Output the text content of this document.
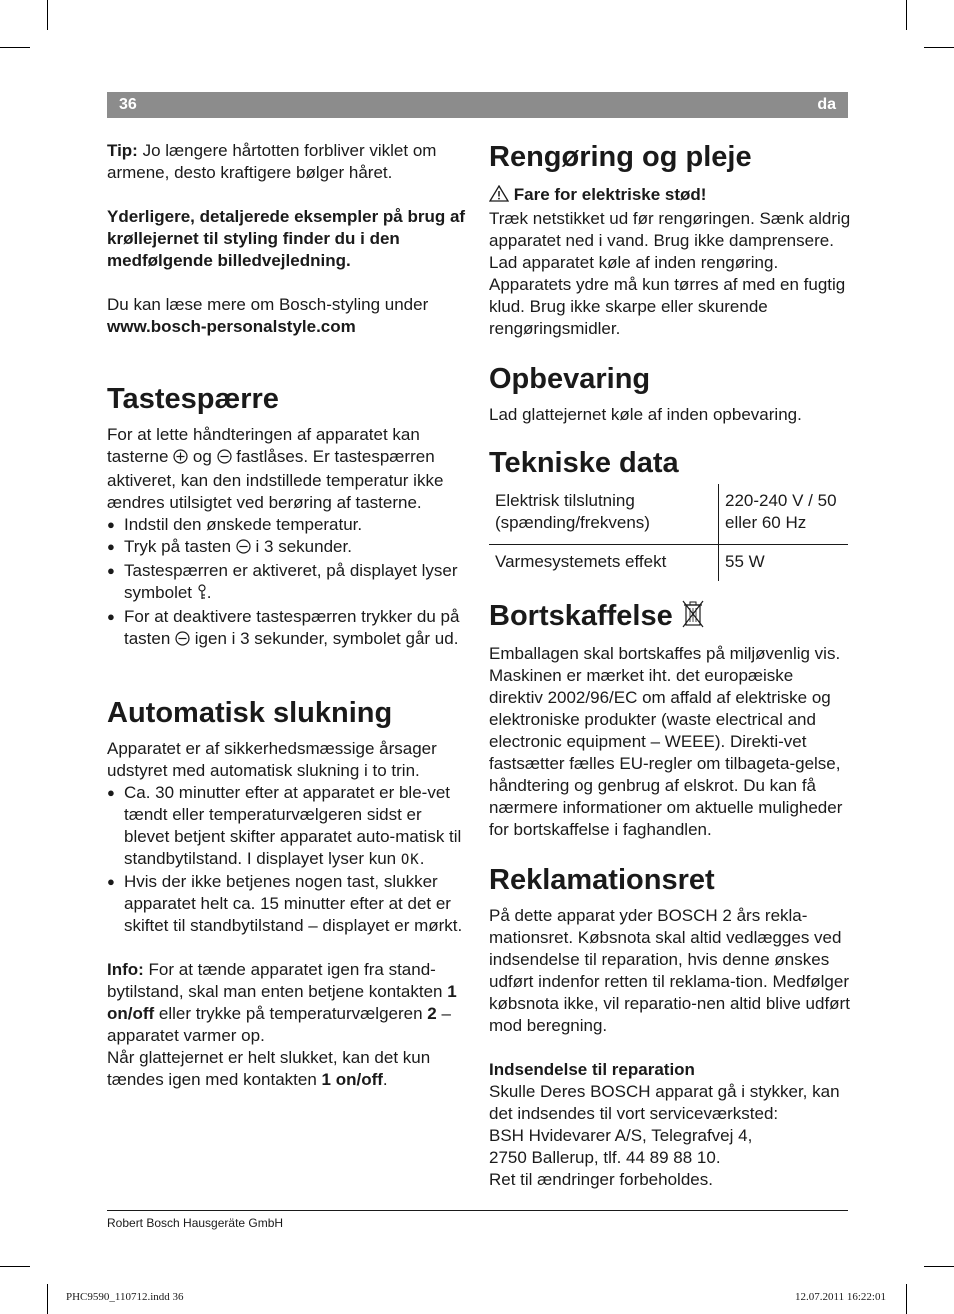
36	da

Tip: Jo længere hårtotten forbliver viklet om armene, desto kraftigere bølger håret.

Yderligere, detaljerede eksempler på brug af krøllejernet til styling finder du i den medfølgende billedvejledning.

Du kan læse mere om Bosch-styling under

www.bosch-personalstyle.com

Tastespærre

For at lette håndteringen af apparatet kan tasterne  og  fastlåses. Er tastespærren aktiveret, kan den indstillede temperatur ikke ændres utilsigtet ved berøring af tasterne.

● Indstil den ønskede temperatur.
● Tryk på tasten  i 3 sekunder.
● Tastespærren er aktiveret, på displayet lyser symbolet .
● For at deaktivere tastespærren trykker du på tasten  igen i 3 sekunder, symbolet går ud.
Automatisk slukning

Apparatet er af sikkerhedsmæssige årsager udstyret med automatisk slukning i to trin.

● Ca. 30 minutter efter at apparatet er ble-vet tændt eller temperaturvælgeren sidst er blevet betjent skifter apparatet auto-matisk til standbytilstand. I displayet lyser kun OK.
● Hvis der ikke betjenes nogen tast, slukker apparatet helt ca. 15 minutter efter at det er skiftet til standbytilstand – displayet er mørkt.

Info: For at tænde apparatet igen fra stand-bytilstand, skal man enten betjene kontakten 1 on/off eller trykke på temperaturvælgeren 2 – apparatet varmer op.

Når glattejernet er helt slukket, kan det kun tændes igen med kontakten 1 on/off.

Rengøring og pleje

Fare for elektriske stød!

Træk netstikket ud før rengøringen. Sænk aldrig apparatet ned i vand. Brug ikke damprensere. Lad apparatet køle af inden rengøring. Apparatets ydre må kun tørres af med en fugtig klud. Brug ikke skarpe eller skurende rengøringsmidler.

Opbevaring

Lad glattejernet køle af inden opbevaring.

Tekniske data
Elektrisk tilslutning (spænding/frekvens)	220-240 V / 50 eller 60 Hz
Varmesystemets effekt	55 W
Bortskaffelse

Emballagen skal bortskaffes på miljøvenlig vis. Maskinen er mærket iht. det europæiske direktiv 2002/96/EC om affald af elektriske og elektroniske produkter (waste electrical and electronic equipment – WEEE). Direkti-vet fastsætter fælles EU-regler om tilbageta-gelse, håndtering og genbrug af elskrot. Du kan få nærmere informationer om aktuelle muligheder for bortskaffelse i faghandlen.

Reklamationsret

På dette apparat yder BOSCH 2 års rekla-mationsret. Købsnota skal altid vedlægges ved indsendelse til reparation, hvis denne ønskes udført indenfor retten til reklama-tion. Medfølger købsnota ikke, vil reparatio-nen altid blive udført mod beregning.

Indsendelse til reparation

Skulle Deres BOSCH apparat gå i stykker, kan det indsendes til vort serviceværksted:

BSH Hvidevarer A/S, Telegrafvej 4,

2750 Ballerup, tlf. 44 89 88 10.

Ret til ændringer forbeholdes.

Robert Bosch Hausgeräte GmbH
PHC9590_110712.indd 36	12.07.2011 16:22:01
